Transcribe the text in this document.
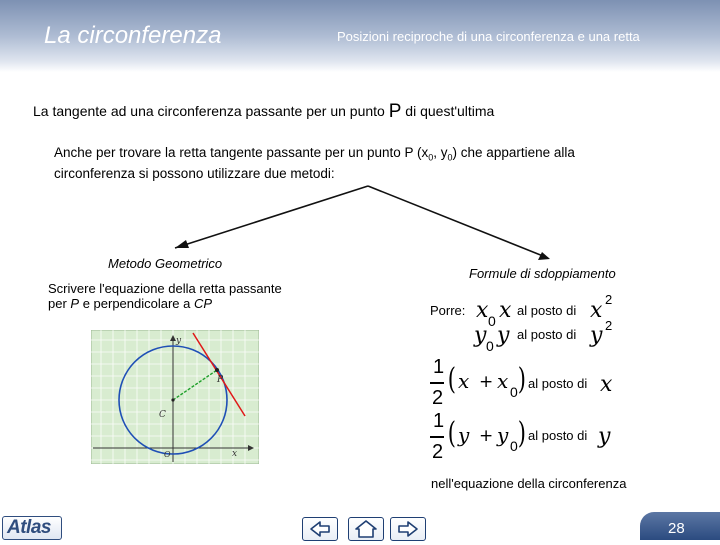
La circonferenza	Posizioni reciproche di una circonferenza e una retta
La tangente ad una circonferenza passante per un punto P di quest'ultima
Anche per trovare la retta tangente passante per un punto P ($x_0$, $y_0$) che appartiene alla
circonferenza si possono utilizzare due metodi:
Metodo Geometrico
Scrivere l'equazione della retta passante
per P e perpendicolare a CP
y
x
P
C
O
Formule di sdoppiamento
Porre: x 0 x al posto di x 2
y 0 y al posto di y 2
1
2
( x + x 0 ) al posto di x
1
2
( y + y 0 ) al posto di y
nell'equazione della circonferenza
Atlas	28
